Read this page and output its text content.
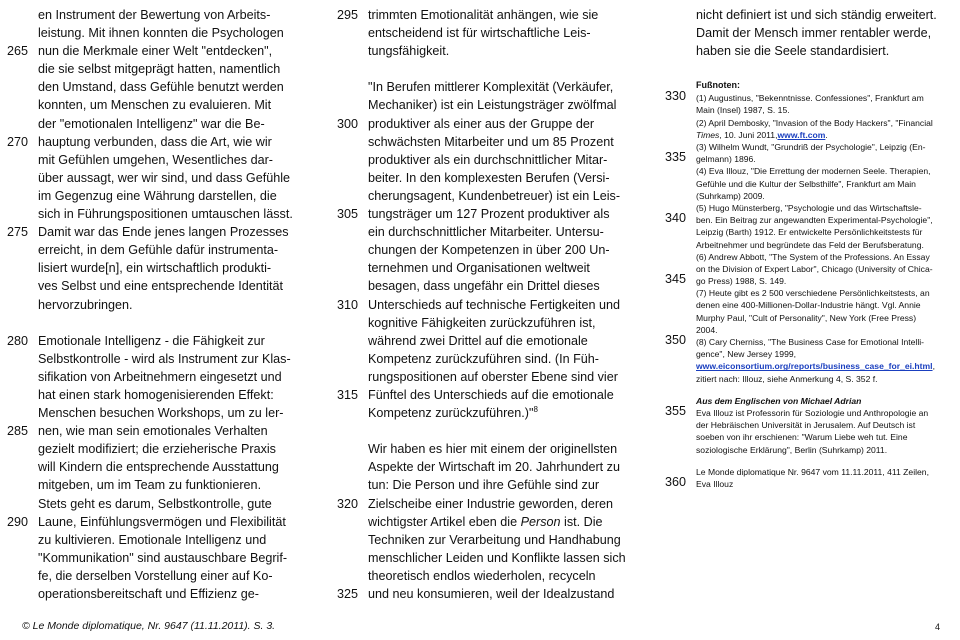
en Instrument der Bewertung von Arbeits-
leistung. Mit ihnen konnten die Psychologen
265 nun die Merkmale einer Welt "entdecken",
die sie selbst mitgeprägt hatten, namentlich
den Umstand, dass Gefühle benutzt werden
konnten, um Menschen zu evaluieren. Mit
der "emotionalen Intelligenz" war die Be-
270 hauptung verbunden, dass die Art, wie wir
mit Gefühlen umgehen, Wesentliches dar-
über aussagt, wer wir sind, und dass Gefühle
im Gegenzug eine Währung darstellen, die
sich in Führungspositionen umtauschen lässt.
275 Damit war das Ende jenes langen Prozesses
erreicht, in dem Gefühle dafür instrumenta-
lisiert wurde[n], ein wirtschaftlich produkti-
ves Selbst und eine entsprechende Identität
hervorzubringen.
280 Emotionale Intelligenz - die Fähigkeit zur
Selbstkontrolle - wird als Instrument zur Klas-
sifikation von Arbeitnehmern eingesetzt und
hat einen stark homogenisierenden Effekt:
Menschen besuchen Workshops, um zu ler-
285 nen, wie man sein emotionales Verhalten
gezielt modifiziert; die erzieherische Praxis
will Kindern die entsprechende Ausstattung
mitgeben, um im Team zu funktionieren.
Stets geht es darum, Selbstkontrolle, gute
290 Laune, Einfühlungsvermögen und Flexibilität
zu kultivieren. Emotionale Intelligenz und
"Kommunikation" sind austauschbare Begrif-
fe, die derselben Vorstellung einer auf Ko-
operationsbereitschaft und Effizienz ge-
295 trimmten Emotionalität anhängen, wie sie
entscheidend ist für wirtschaftliche Leis-
tungsfähigkeit.
"In Berufen mittlerer Komplexität (Verkäufer,
Mechaniker) ist ein Leistungsträger zwölfmal
300 produktiver als einer aus der Gruppe der
schwächsten Mitarbeiter und um 85 Prozent
produktiver als ein durchschnittlicher Mitar-
beiter. In den komplexesten Berufen (Versi-
cherungsagent, Kundenbetreuer) ist ein Leis-
305 tungsträger um 127 Prozent produktiver als
ein durchschnittlicher Mitarbeiter. Untersu-
chungen der Kompetenzen in über 200 Un-
ternehmen und Organisationen weltweit
besagen, dass ungefähr ein Drittel dieses
310 Unterschieds auf technische Fertigkeiten und
kognitive Fähigkeiten zurückzuführen ist,
während zwei Drittel auf die emotionale
Kompetenz zurückzuführen sind. (In Füh-
rungspositionen auf oberster Ebene sind vier
315 Fünftel des Unterschieds auf die emotionale
Kompetenz zurückzuführen.)"$^8$
Wir haben es hier mit einem der originellsten
Aspekte der Wirtschaft im 20. Jahrhundert zu
tun: Die Person und ihre Gefühle sind zur
320 Zielscheibe einer Industrie geworden, deren
wichtigster Artikel eben die Person ist. Die
Techniken zur Verarbeitung und Handhabung
menschlicher Leiden und Konflikte lassen sich
theoretisch endlos wiederholen, recyceln
325 und neu konsumieren, weil der Idealzustand
nicht definiert ist und sich ständig erweitert.
Damit der Mensch immer rentabler werde,
haben sie die Seele standardisiert.
Fußnoten:
330	(1) Augustinus, "Bekenntnisse. Confessiones", Frankfurt am
Main (Insel) 1987, S. 15.
(2) April Dembosky, "Invasion of the Body Hackers", "Financial
Times, 10. Juni 2011,www.ft.com.
(3) Wilhelm Wundt, "Grundriß der Psychologie", Leipzig (En-
335	gelmann) 1896.
(4) Eva Illouz, "Die Errettung der modernen Seele. Therapien,
Gefühle und die Kultur der Selbsthilfe", Frankfurt am Main
(Suhrkamp) 2009.
(5) Hugo Münsterberg, "Psychologie und das Wirtschaftsle-
340	ben. Ein Beitrag zur angewandten Experimental-Psychologie",
Leipzig (Barth) 1912. Er entwickelte Persönlichkeitstests für
Arbeitnehmer und begründete das Feld der Berufsberatung.
(6) Andrew Abbott, "The System of the Professions. An Essay
on the Division of Expert Labor", Chicago (University of Chica-
345	go Press) 1988, S. 149.
(7) Heute gibt es 2 500 verschiedene Persönlichkeitstests, an
denen eine 400-Millionen-Dollar-Industrie hängt. Vgl. Annie
Murphy Paul, "Cult of Personality", New York (Free Press)
2004.
350	(8) Cary Cherniss, "The Business Case for Emotional Intelli-
gence", New Jersey 1999,
www.eiconsortium.org/reports/business_case_for_ei.html,
zitiert nach: Illouz, siehe Anmerkung 4, S. 352 f.
Aus dem Englischen von Michael Adrian
355	Eva Illouz ist Professorin für Soziologie und Anthropologie an
der Hebräischen Universität in Jerusalem. Auf Deutsch ist
soeben von ihr erschienen: "Warum Liebe weh tut. Eine
soziologische Erklärung", Berlin (Suhrkamp) 2011.
Le Monde diplomatique Nr. 9647 vom 11.11.2011, 411 Zeilen,
360	Eva Illouz
© Le Monde diplomatique, Nr. 9647 (11.11.2011). S. 3.	4
